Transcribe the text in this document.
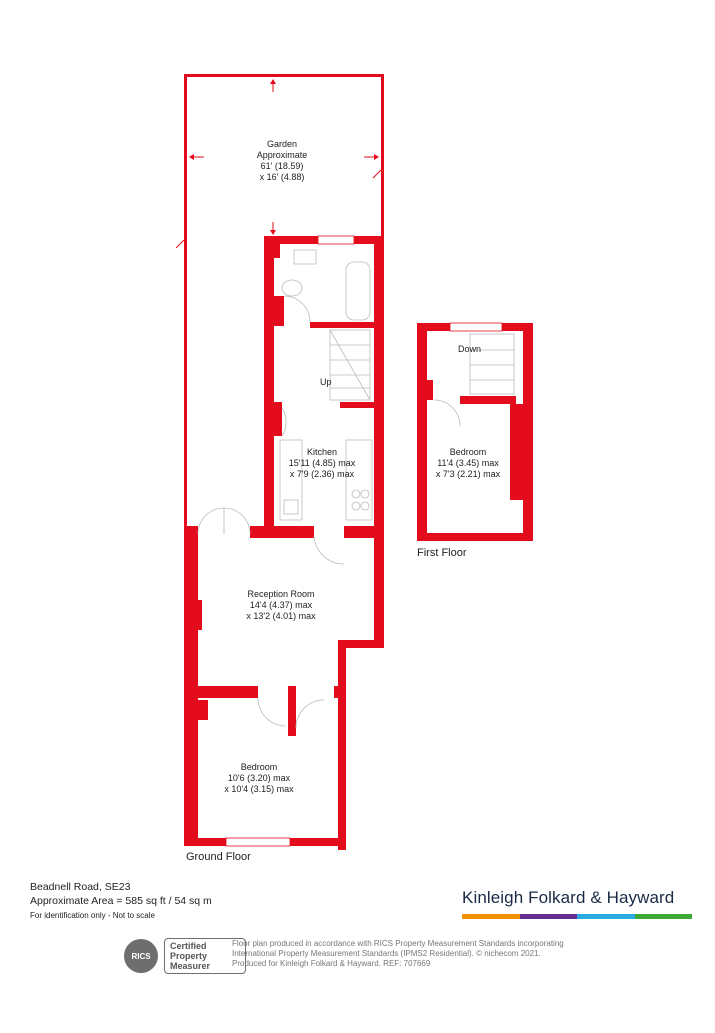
Garden
Approximate
61' (18.59)
x 16' (4.88)
Kitchen
15'11 (4.85) max
x 7'9 (2.36) max
Reception Room
14'4 (4.37) max
x 13'2 (4.01) max
Bedroom
10'6 (3.20) max
x 10'4 (3.15) max
Bedroom
11'4 (3.45) max
x 7'3 (2.21) max
Up
Down
Ground Floor
First Floor
Beadnell Road, SE23
Approximate Area = 585 sq ft / 54 sq m
For identification only - Not to scale
Kinleigh Folkard & Hayward
RICS
Certified
Property
Measurer
Floor plan produced in accordance with RICS Property Measurement Standards incorporating
International Property Measurement Standards (IPMS2 Residential). © nichecom 2021.
Produced for Kinleigh Folkard & Hayward. REF: 707669
